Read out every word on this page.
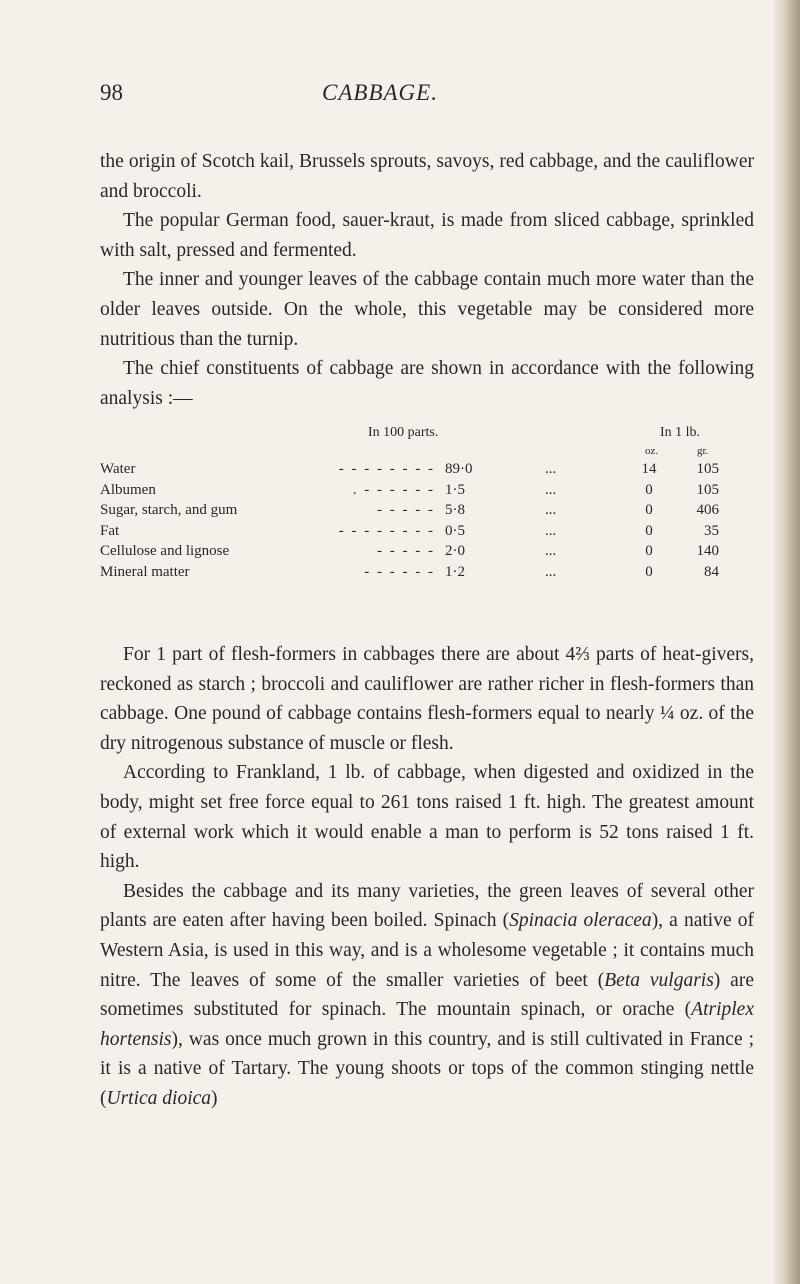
98	CABBAGE.

the origin of Scotch kail, Brussels sprouts, savoys, red cabbage, and the cauliflower and broccoli.

The popular German food, sauer-kraut, is made from sliced cabbage, sprinkled with salt, pressed and fermented.

The inner and younger leaves of the cabbage contain much more water than the older leaves outside. On the whole, this vegetable may be considered more nutritious than the turnip.

The chief constituents of cabbage are shown in accordance with the following analysis :—

In 100 parts.	In 1 lb.
oz.	gr.
Water	- - - - - - - - 89·0	...	14	105
Albumen	. - - - - - - 1·5	...	0	105
Sugar, starch, and gum	- - - - - 5·8	...	0	406
Fat	- - - - - - - - 0·5	...	0	35
Cellulose and lignose	- - - - - 2·0	...	0	140
Mineral matter	- - - - - - 1·2	...	0	84

For 1 part of flesh-formers in cabbages there are about 4⅔ parts of heat-givers, reckoned as starch ; broccoli and cauliflower are rather richer in flesh-formers than cabbage. One pound of cabbage contains flesh-formers equal to nearly ¼ oz. of the dry nitrogenous substance of muscle or flesh.

According to Frankland, 1 lb. of cabbage, when digested and oxidized in the body, might set free force equal to 261 tons raised 1 ft. high. The greatest amount of external work which it would enable a man to perform is 52 tons raised 1 ft. high.

Besides the cabbage and its many varieties, the green leaves of several other plants are eaten after having been boiled. Spinach (Spinacia oleracea), a native of Western Asia, is used in this way, and is a wholesome vegetable ; it contains much nitre. The leaves of some of the smaller varieties of beet (Beta vulgaris) are sometimes substituted for spinach. The mountain spinach, or orache (Atriplex hortensis), was once much grown in this country, and is still cultivated in France ; it is a native of Tartary. The young shoots or tops of the common stinging nettle (Urtica dioica)
